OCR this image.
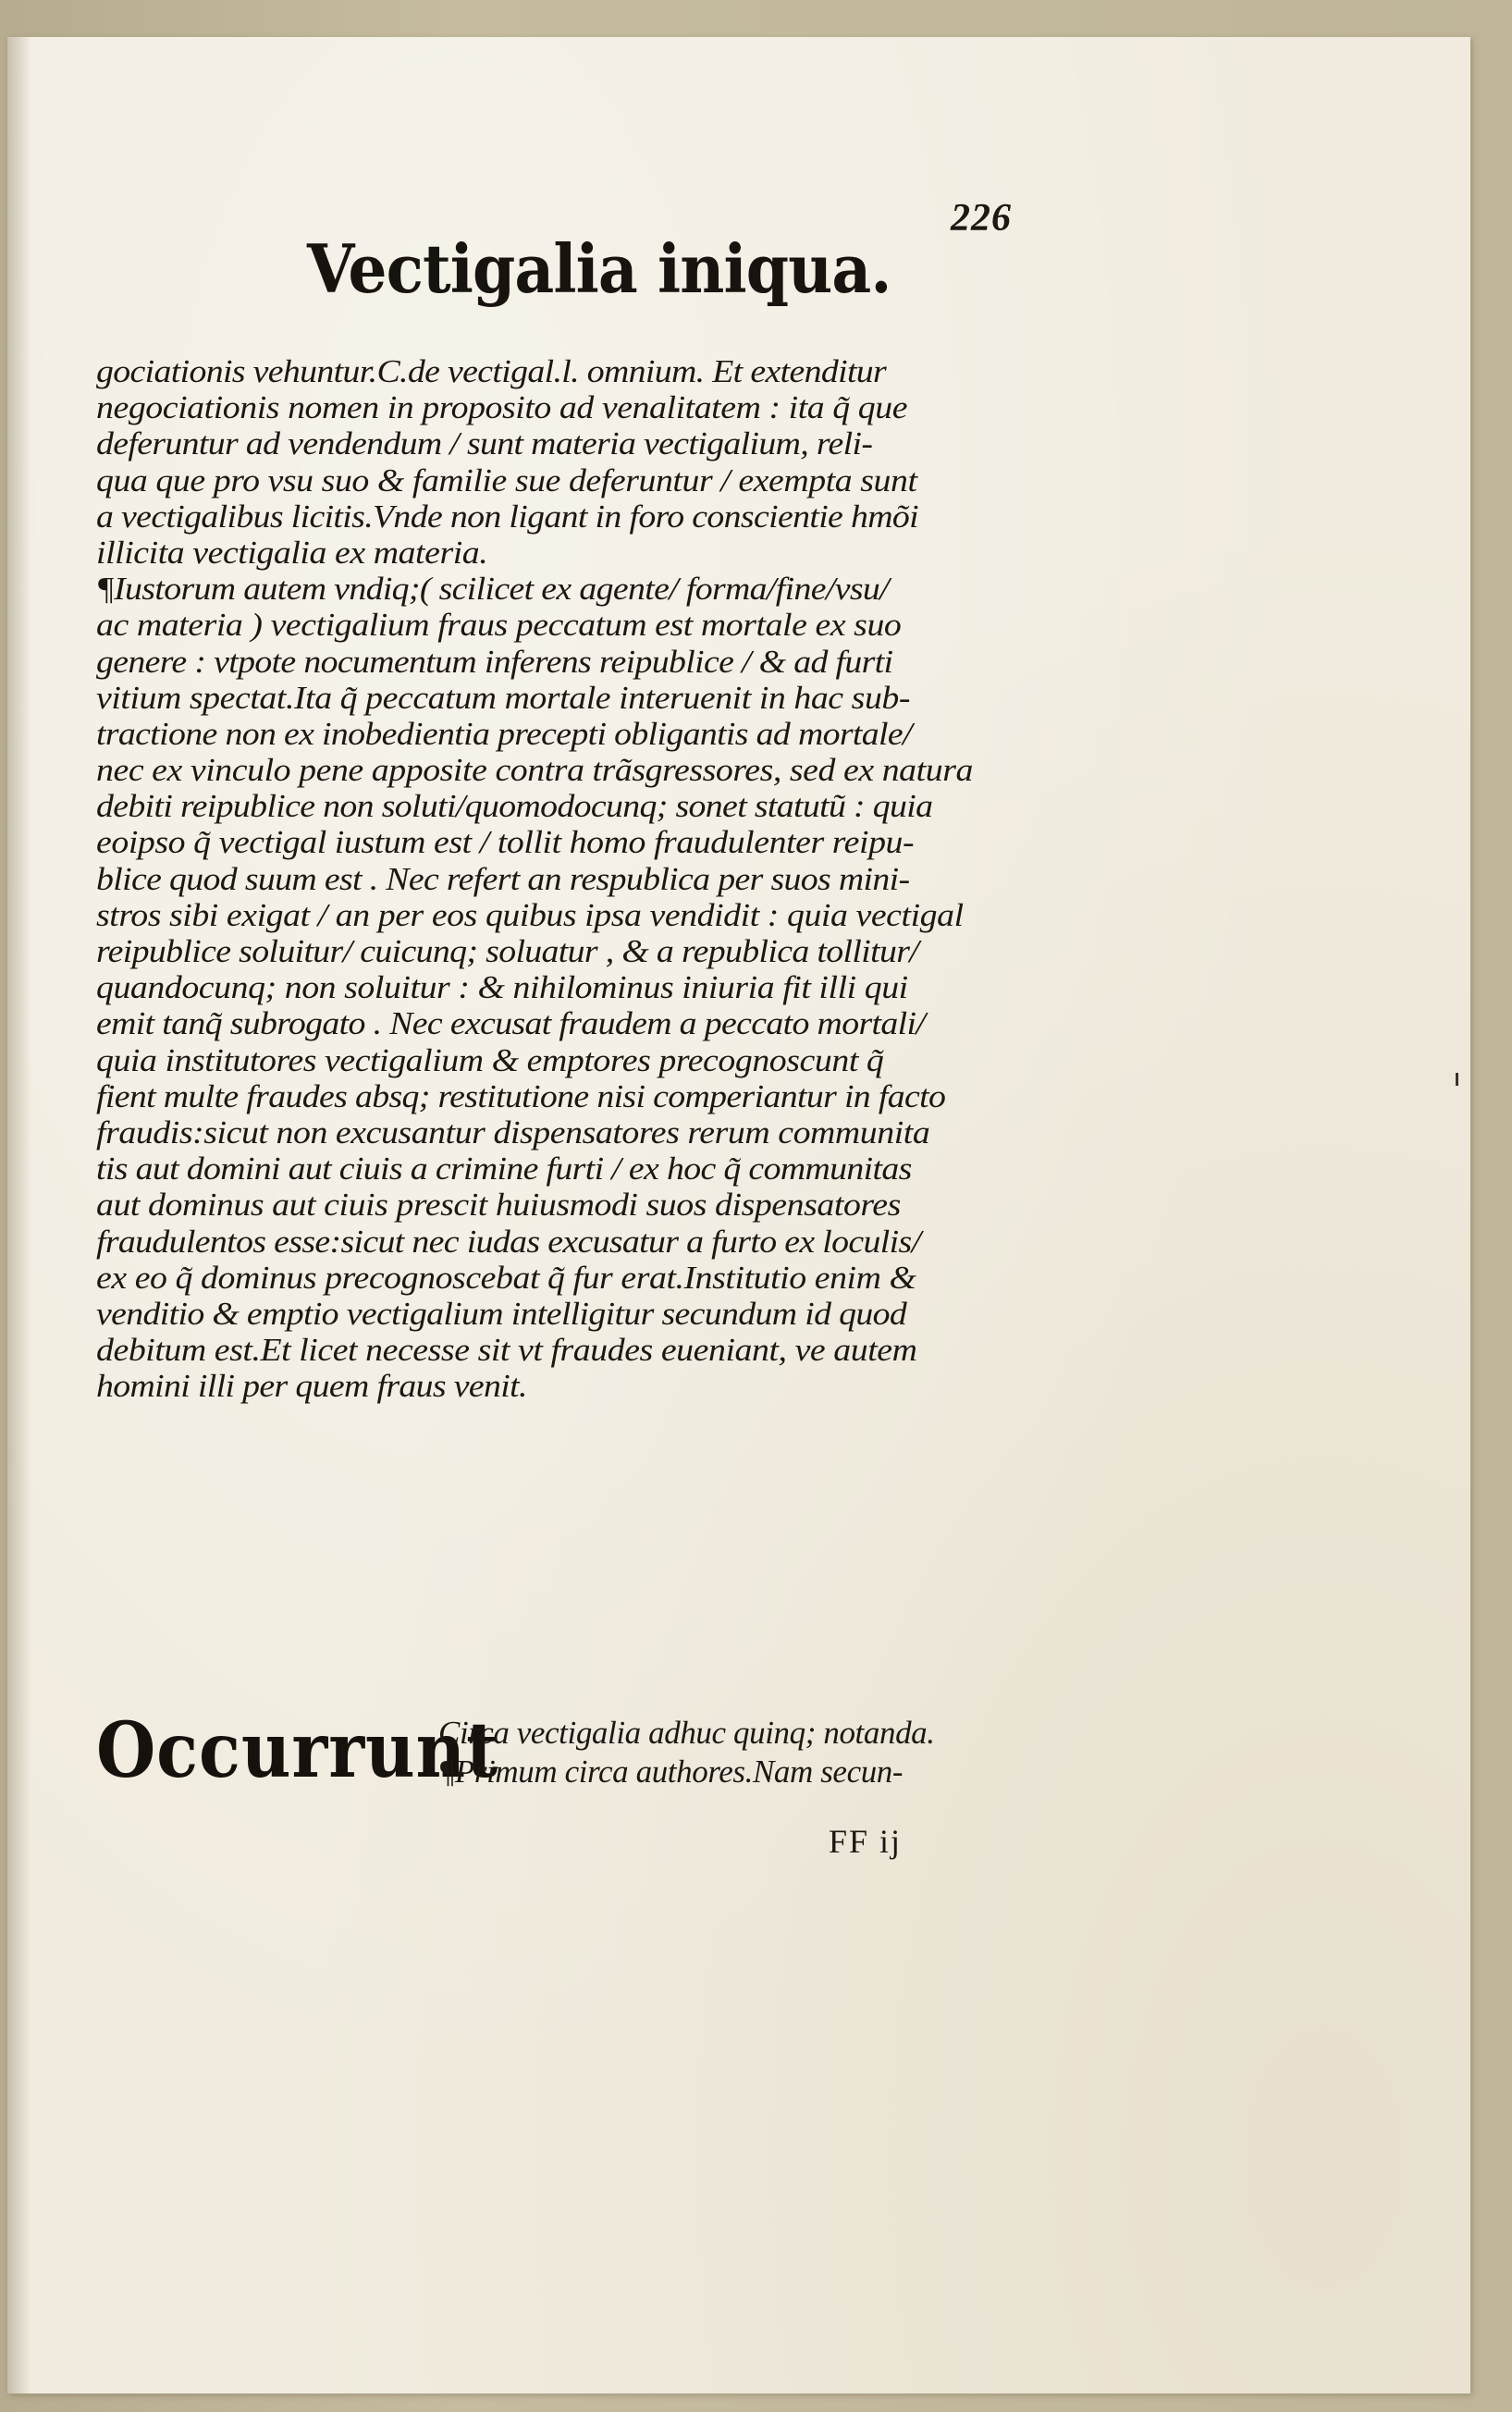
226
Vectigalia iniqua.
gociationis vehuntur.C.de vectigal.l. omnium. Et extenditur
negociationis nomen in proposito ad venalitatem : ita q̃ que
deferuntur ad vendendum / sunt materia vectigalium, reli-
qua que pro vsu suo & familie sue deferuntur / exempta sunt
a vectigalibus licitis.Vnde non ligant in foro conscientie hmõi
illicita vectigalia ex materia.
¶Iustorum autem vndiq;( scilicet ex agente/ forma/fine/vsu/
ac materia ) vectigalium fraus peccatum est mortale ex suo
genere : vtpote nocumentum inferens reipublice / & ad furti
vitium spectat.Ita q̃ peccatum mortale interuenit in hac sub-
tractione non ex inobedientia precepti obligantis ad mortale/
nec ex vinculo pene apposite contra trãsgressores, sed ex natura
debiti reipublice non soluti/quomodocunq; sonet statutũ : quia
eoipso q̃ vectigal iustum est / tollit homo fraudulenter reipu-
blice quod suum est . Nec refert an respublica per suos mini-
stros sibi exigat / an per eos quibus ipsa vendidit : quia vectigal
reipublice soluitur/ cuicunq; soluatur , & a republica tollitur/
quandocunq; non soluitur : & nihilominus iniuria fit illi qui
emit tanq̃ subrogato . Nec excusat fraudem a peccato mortali/
quia institutores vectigalium & emptores precognoscunt q̃
fient multe fraudes absq; restitutione nisi comperiantur in facto
fraudis:sicut non excusantur dispensatores rerum communita
tis aut domini aut ciuis a crimine furti / ex hoc q̃ communitas
aut dominus aut ciuis prescit huiusmodi suos dispensatores
fraudulentos esse:sicut nec iudas excusatur a furto ex loculis/
ex eo q̃ dominus precognoscebat q̃ fur erat.Institutio enim &
venditio & emptio vectigalium intelligitur secundum id quod
debitum est.Et licet necesse sit vt fraudes eueniant, ve autem
homini illi per quem fraus venit.
Occurrunt
Circa vectigalia adhuc quinq; notanda.
¶Primum circa authores.Nam secun-
FF ij
